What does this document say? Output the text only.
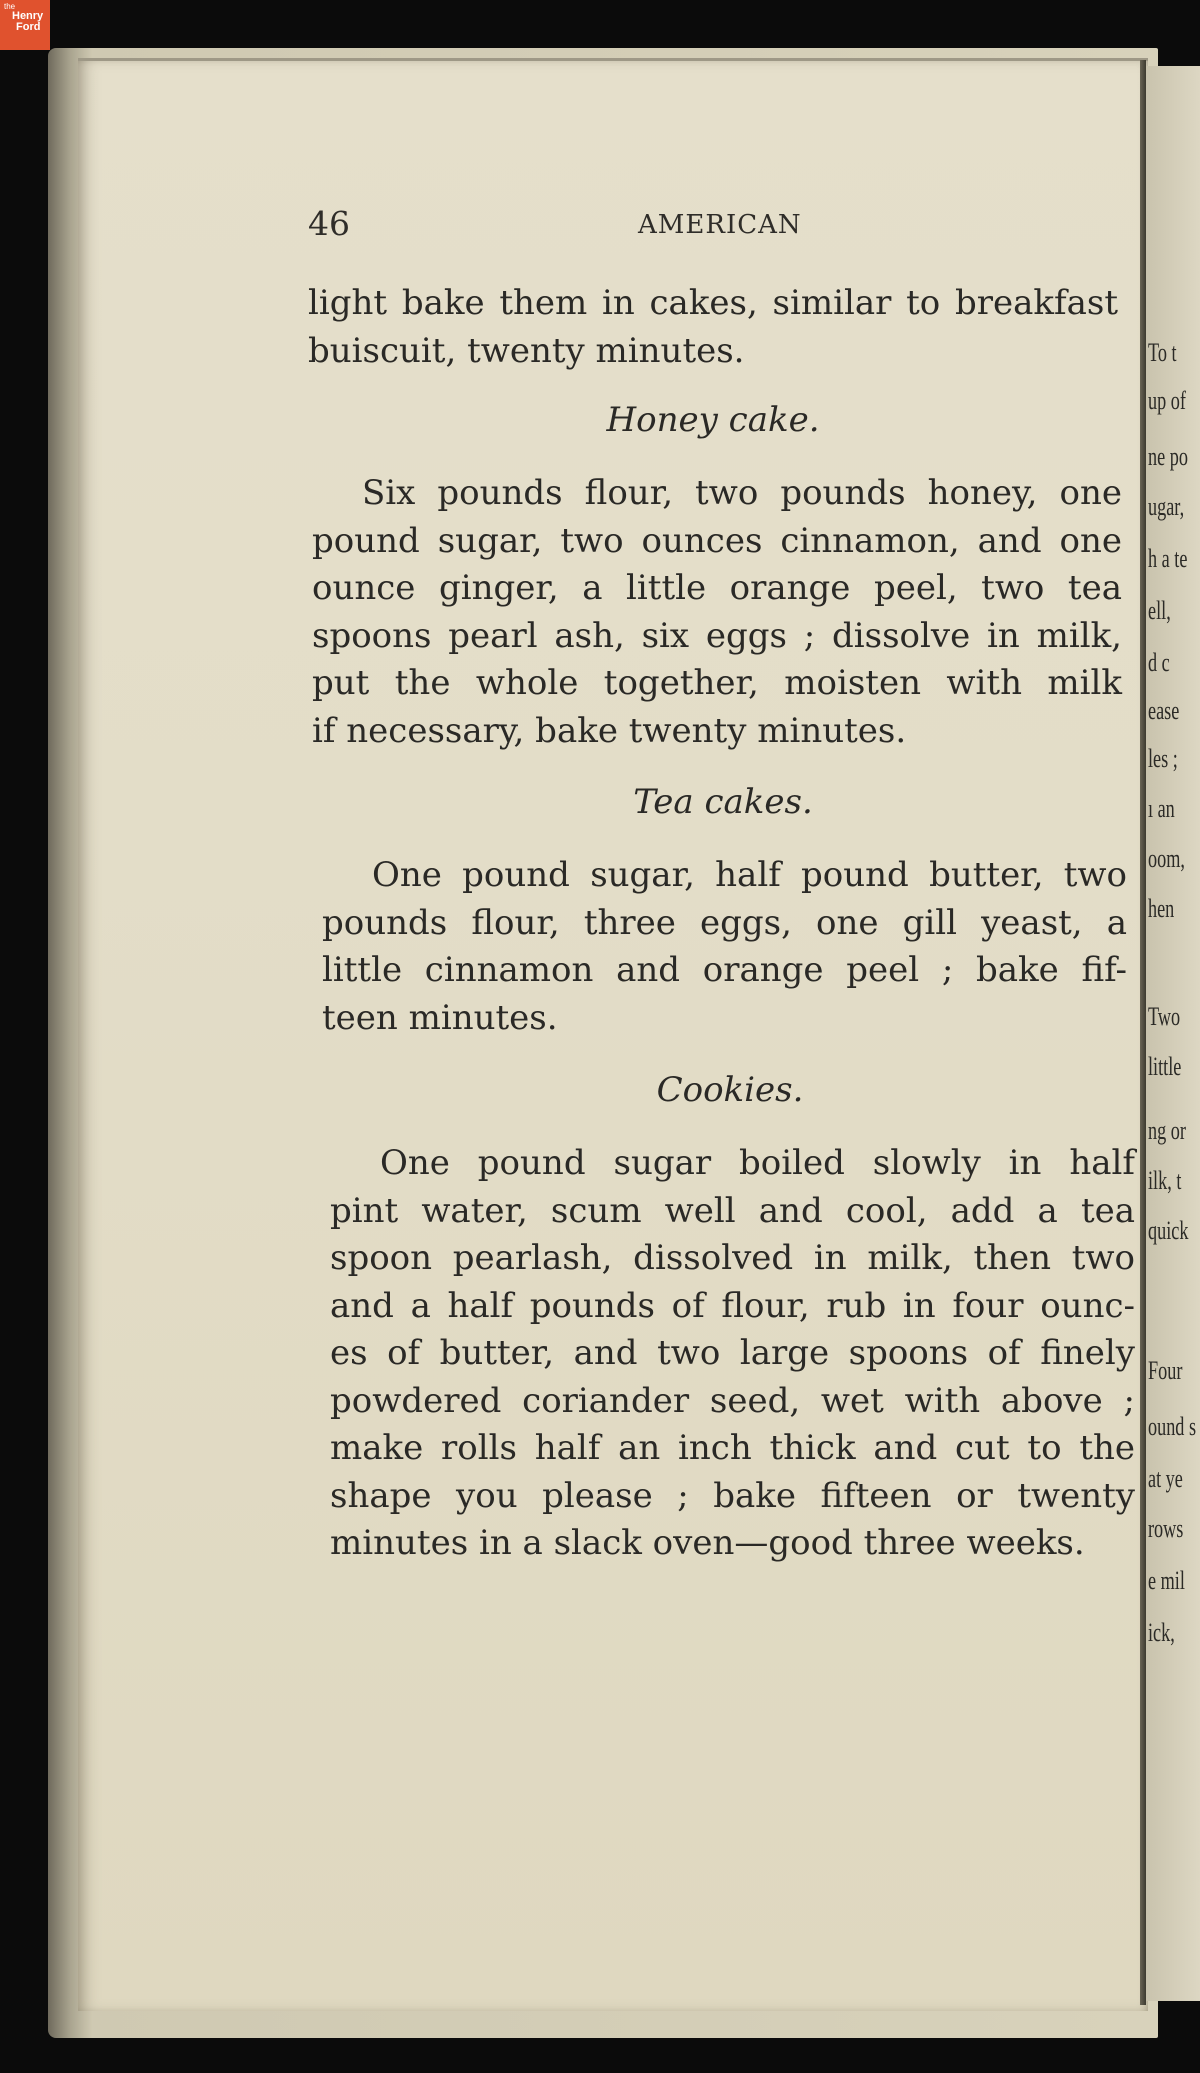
the
Henry
Ford
To t
up of
ne po
ugar,
h a te
ell,
d c
ease
les ;
ı an
oom,
hen
Two
little
ng or
ilk, t
quick
Four
ound s
at ye
rows
e mil
ick,
46	AMERICAN
light bake them in cakes, similar to breakfast
buiscuit, twenty minutes.
Honey cake.
Six pounds flour, two pounds honey, one
pound sugar, two ounces cinnamon, and one
ounce ginger, a little orange peel, two tea
spoons pearl ash, six eggs ; dissolve in milk,
put the whole together, moisten with milk
if necessary, bake twenty minutes.
Tea cakes.
One pound sugar, half pound butter, two
pounds flour, three eggs, one gill yeast, a
little cinnamon and orange peel ; bake fif-
teen minutes.
Cookies.
One pound sugar boiled slowly in half
pint water, scum well and cool, add a tea
spoon pearlash, dissolved in milk, then two
and a half pounds of flour, rub in four ounc-
es of butter, and two large spoons of finely
powdered coriander seed, wet with above ;
make rolls half an inch thick and cut to the
shape you please ; bake fifteen or twenty
minutes in a slack oven—good three weeks.
